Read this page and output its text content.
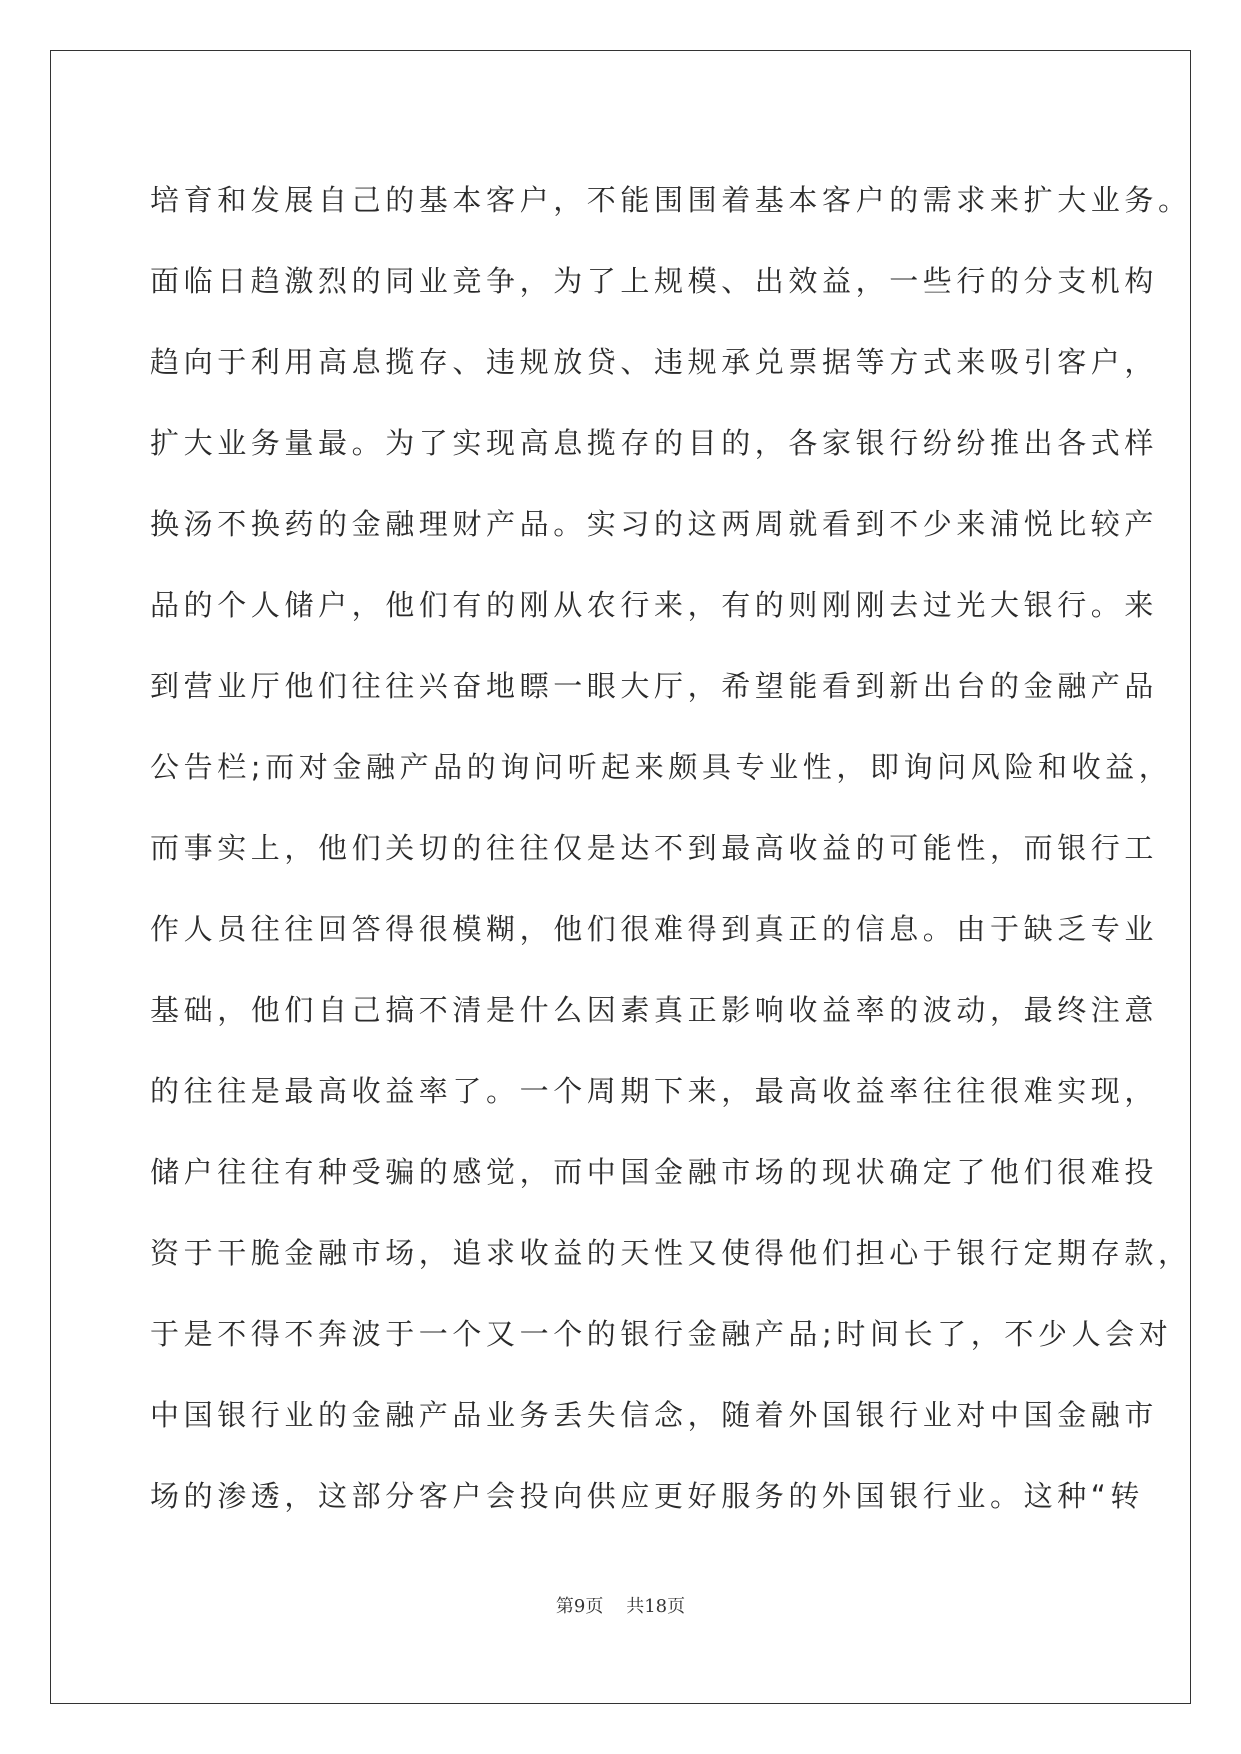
培育和发展自己的基本客户，不能围围着基本客户的需求来扩大业务。
面临日趋激烈的同业竞争，为了上规模、出效益，一些行的分支机构
趋向于利用高息揽存、违规放贷、违规承兑票据等方式来吸引客户，
扩大业务量最。为了实现高息揽存的目的，各家银行纷纷推出各式样
换汤不换药的金融理财产品。实习的这两周就看到不少来浦悦比较产
品的个人储户，他们有的刚从农行来，有的则刚刚去过光大银行。来
到营业厅他们往往兴奋地瞟一眼大厅，希望能看到新出台的金融产品
公告栏;而对金融产品的询问听起来颇具专业性，即询问风险和收益，
而事实上，他们关切的往往仅是达不到最高收益的可能性，而银行工
作人员往往回答得很模糊，他们很难得到真正的信息。由于缺乏专业
基础，他们自己搞不清是什么因素真正影响收益率的波动，最终注意
的往往是最高收益率了。一个周期下来，最高收益率往往很难实现，
储户往往有种受骗的感觉，而中国金融市场的现状确定了他们很难投
资于干脆金融市场，追求收益的天性又使得他们担心于银行定期存款，
于是不得不奔波于一个又一个的银行金融产品;时间长了，不少人会对
中国银行业的金融产品业务丢失信念，随着外国银行业对中国金融市
场的渗透，这部分客户会投向供应更好服务的外国银行业。这种“转
第9页    共18页
